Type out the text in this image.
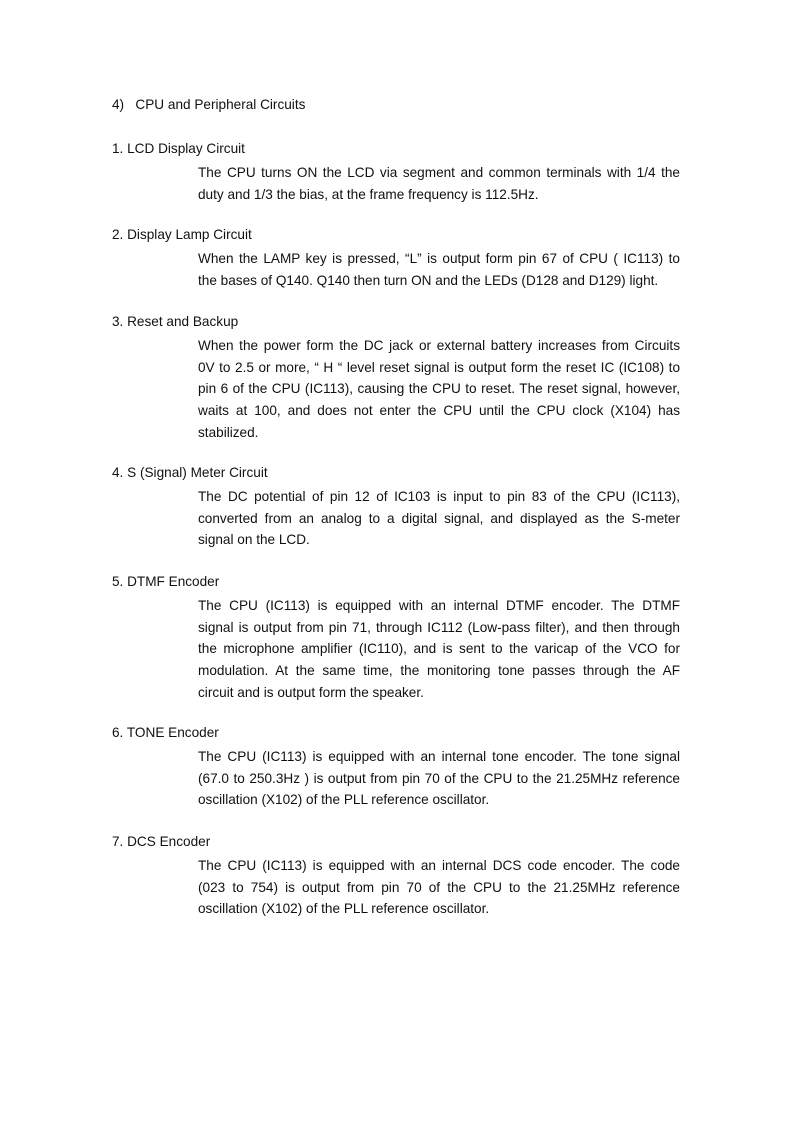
4)   CPU and Peripheral Circuits
1. LCD Display Circuit
The CPU turns ON the LCD via segment and common terminals with 1/4 the
duty and 1/3 the bias, at the frame frequency is 112.5Hz.
2. Display Lamp Circuit
When the LAMP key is pressed, “L” is output form pin 67 of CPU ( IC113) to
the bases of Q140. Q140 then turn ON and the LEDs (D128 and D129) light.
3. Reset and Backup
When the power form the DC jack or external battery increases from Circuits
0V to 2.5 or more, “ H “ level reset signal is output form the reset IC (IC108) to
pin 6 of the CPU (IC113), causing the CPU to reset. The reset signal, however,
waits at 100, and does not enter the CPU until the CPU clock (X104) has
stabilized.
4. S (Signal) Meter Circuit
The DC potential of pin 12 of IC103 is input to pin 83 of the CPU (IC113),
converted from an analog to a digital signal, and displayed as the S-meter
signal on the LCD.
5. DTMF Encoder
The CPU (IC113) is equipped with an internal DTMF encoder. The DTMF
signal is output from pin 71, through IC112 (Low-pass filter), and then through
the microphone amplifier (IC110), and is sent to the varicap of the VCO for
modulation. At the same time, the monitoring tone passes through the AF
circuit and is output form the speaker.
6. TONE Encoder
The CPU (IC113) is equipped with an internal tone encoder. The tone signal
(67.0 to 250.3Hz ) is output from pin 70 of the CPU to the 21.25MHz reference
oscillation (X102) of the PLL reference oscillator.
7. DCS Encoder
The CPU (IC113) is equipped with an internal DCS code encoder. The code
(023 to 754) is output from pin 70 of the CPU to the 21.25MHz reference
oscillation (X102) of the PLL reference oscillator.
